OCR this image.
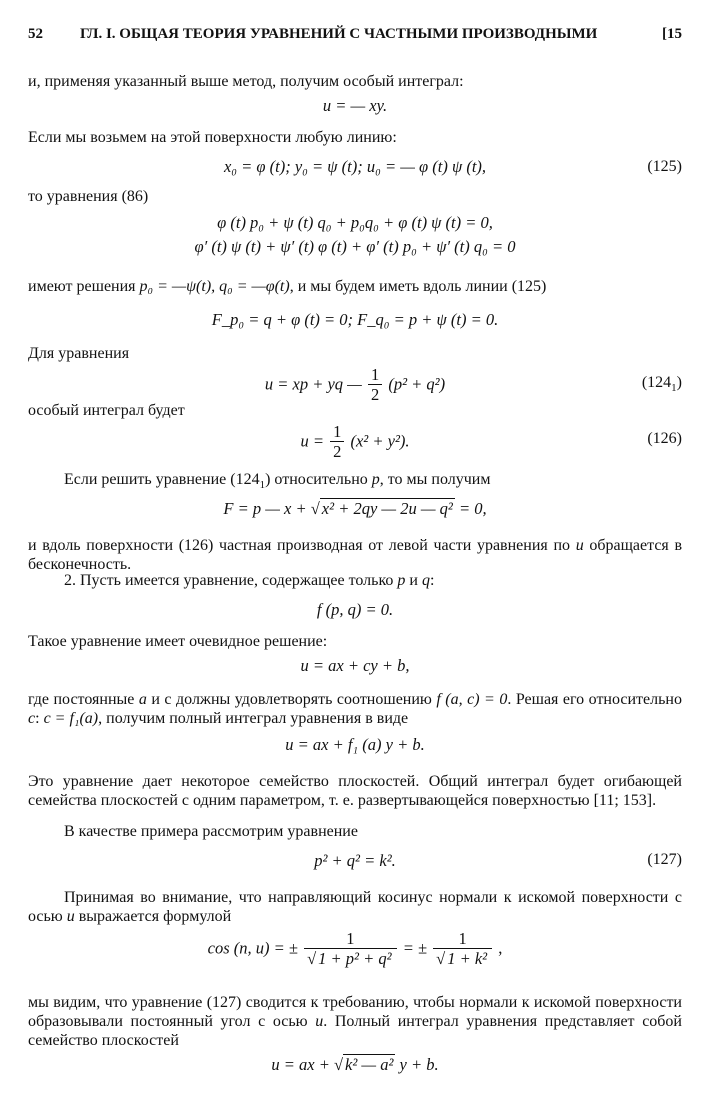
52 ГЛ. I. ОБЩАЯ ТЕОРИЯ УРАВНЕНИЙ С ЧАСТНЫМИ ПРОИЗВОДНЫМИ	[15
и, применяя указанный выше метод, получим особый интеграл:
u = — xy.
Если мы возьмем на этой поверхности любую линию:
x₀ = φ (t); y₀ = ψ (t); u₀ = — φ (t) ψ (t),	(125)
то уравнения (86)
φ (t) p₀ + ψ (t) q₀ + p₀q₀ + φ (t) ψ (t) = 0,
φ′ (t) ψ (t) + ψ′ (t) φ (t) + φ′ (t) p₀ + ψ′ (t) q₀ = 0
имеют решения p₀ = —ψ(t), q₀ = —φ(t), и мы будем иметь вдоль линии (125)
F_p₀ = q + φ (t) = 0; F_q₀ = p + ψ (t) = 0.
Для уравнения
u = xp + yq — $\frac{1}{2} (p^2 + q^2)$	$(124_1)$
особый интеграл будет
$u = \frac{1}{2} (x^2 + y^2)$.	(126)
Если решить уравнение $(124_1)$ относительно p, то мы получим
F = p — x + √ x² + 2qy — 2u — q² = 0,
и вдоль поверхности (126) частная производная от левой части уравнения по u обращается в бесконечность.
2. Пусть имеется уравнение, содержащее только p и q:
f (p, q) = 0.
Такое уравнение имеет очевидное решение:
u = ax + cy + b,
где постоянные a и с должны удовлетворять соотношению f (a, c) = 0. Решая его относительно c: c = f₁(a), получим полный интеграл уравнения в виде
u = ax + f₁ (a) y + b.
Это уравнение дает некоторое семейство плоскостей. Общий интеграл будет огибающей семейства плоскостей с одним параметром, т. е. развертывающейся поверхностью [11; 153].
В качестве примера рассмотрим уравнение
p² + q² = k².	(127)
Принимая во внимание, что направляющий косинус нормали к искомой поверхности с осью u выражается формулой
cos (n, u) = ± $\frac{1}{\text{√ 1 + p² + q²}}$ = ± $\frac{1}{\text{√ 1 + k²}}$ ,
мы видим, что уравнение (127) сводится к требованию, чтобы нормали к искомой поверхности образовывали постоянный угол с осью u. Полный интеграл уравнения представляет собой семейство плоскостей
u = ax + √ k² — a² y + b.
